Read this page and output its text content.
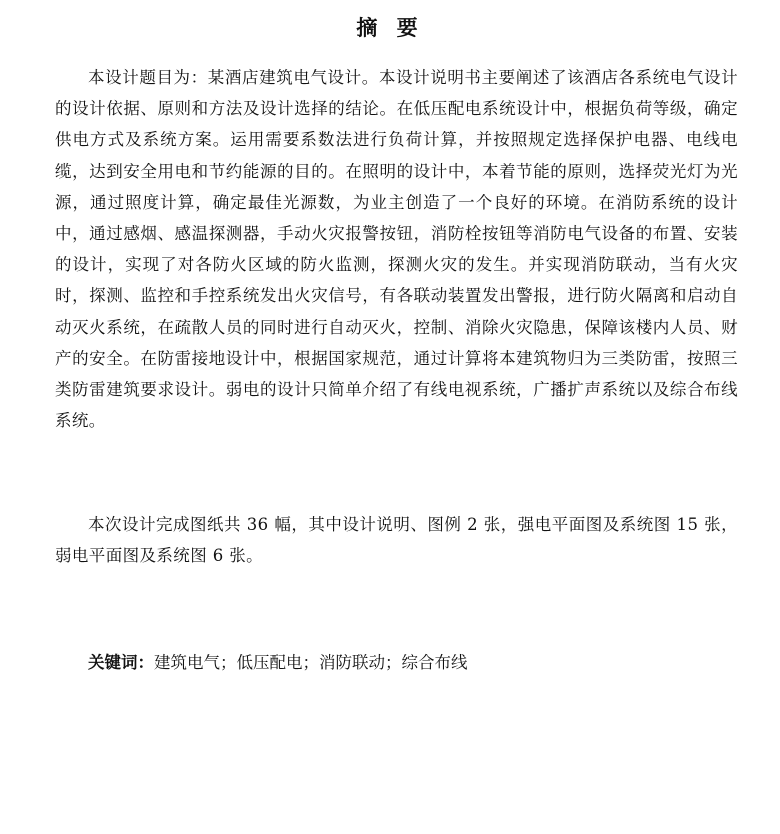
摘 要

本设计题目为：某酒店建筑电气设计。本设计说明书主要阐述了该酒店各系统电气设计的设计依据、原则和方法及设计选择的结论。在低压配电系统设计中，根据负荷等级，确定供电方式及系统方案。运用需要系数法进行负荷计算，并按照规定选择保护电器、电线电缆，达到安全用电和节约能源的目的。在照明的设计中，本着节能的原则，选择荧光灯为光源，通过照度计算，确定最佳光源数，为业主创造了一个良好的环境。在消防系统的设计中，通过感烟、感温探测器，手动火灾报警按钮，消防栓按钮等消防电气设备的布置、安装的设计，实现了对各防火区域的防火监测，探测火灾的发生。并实现消防联动，当有火灾时，探测、监控和手控系统发出火灾信号，有各联动装置发出警报，进行防火隔离和启动自动灭火系统，在疏散人员的同时进行自动灭火，控制、消除火灾隐患，保障该楼内人员、财产的安全。在防雷接地设计中，根据国家规范，通过计算将本建筑物归为三类防雷，按照三类防雷建筑要求设计。弱电的设计只简单介绍了有线电视系统，广播扩声系统以及综合布线系统。

本次设计完成图纸共 36 幅，其中设计说明、图例 2 张，强电平面图及系统图 15 张，弱电平面图及系统图 6 张。

关键词：建筑电气；低压配电；消防联动；综合布线
